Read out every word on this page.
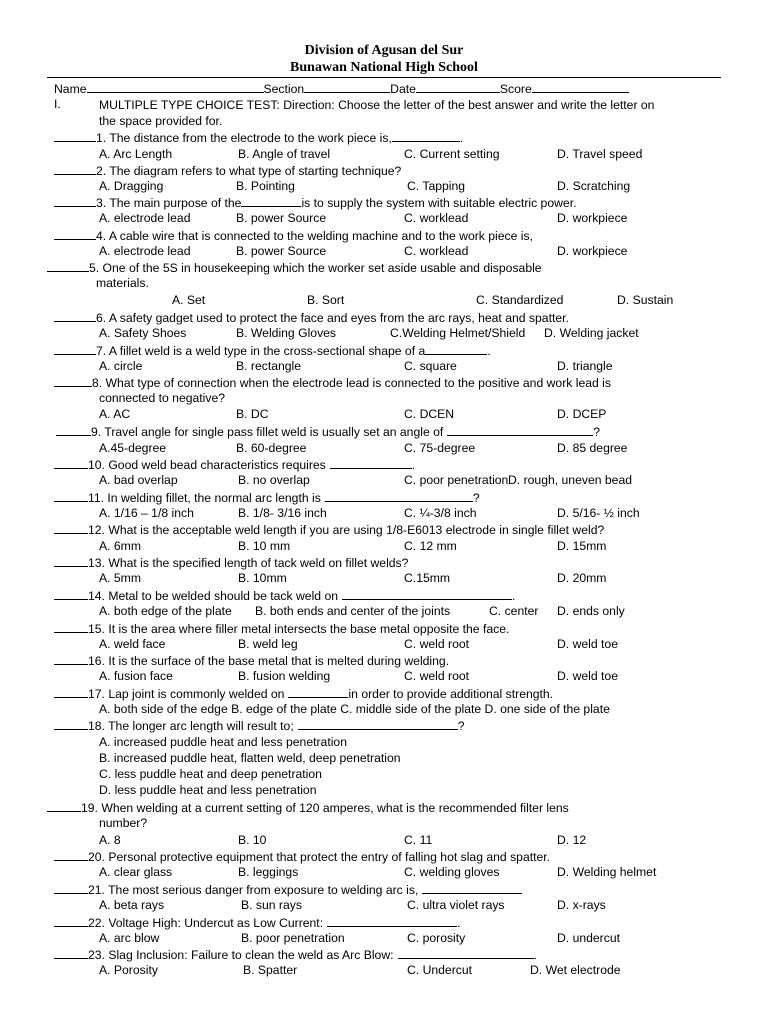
Division of Agusan del Sur
Bunawan National High School
Name	Section	Date	Score
I.	MULTIPLE TYPE CHOICE TEST: Direction: Choose the letter of the best answer and write the letter on
the space provided for.
1. The distance from the electrode to the work piece is,	.
A. Arc Length	B. Angle of travel	C. Current setting	D. Travel speed
2. The diagram refers to what type of starting technique?
A. Dragging	B. Pointing	C. Tapping	D. Scratching
3. The main purpose of the	is to supply the system with suitable electric power.
A. electrode lead	B. power Source	C. worklead	D. workpiece
4. A cable wire that is connected to the welding machine and to the work piece is,
A. electrode lead	B. power Source	C. worklead	D. workpiece
5. One of the 5S in housekeeping which the worker set aside usable and disposable
materials.
A. Set	B. Sort	C. Standardized	D. Sustain
6. A safety gadget used to protect the face and eyes from the arc rays, heat and spatter.
A. Safety Shoes	B. Welding Gloves	C.Welding Helmet/Shield D. Welding jacket
7. A fillet weld is a weld type in the cross-sectional shape of a	.
A. circle	B. rectangle	C. square	D. triangle
8. What type of connection when the electrode lead is connected to the positive and work lead is
connected to negative?
A. AC	B. DC	C. DCEN	D. DCEP
9. Travel angle for single pass fillet weld is usually set an angle of	?
A.45-degree	B. 60-degree	C. 75-degree	D. 85 degree
10. Good weld bead characteristics requires	.
A. bad overlap	B. no overlap	C. poor penetration D. rough, uneven bead
11. In welding fillet, the normal arc length is	?
A. 1/16 – 1/8 inch	B. 1/8- 3/16 inch	C. ¼-3/8 inch	D. 5/16- ½ inch
12. What is the acceptable weld length if you are using 1/8-E6013 electrode in single fillet weld?
A. 6mm	B. 10 mm	C. 12 mm	D. 15mm
13. What is the specified length of tack weld on fillet welds?
A. 5mm	B. 10mm	C.15mm	D. 20mm
14. Metal to be welded should be tack weld on	.
A. both edge of the plate B. both ends and center of the joints	C. center D. ends only
15. It is the area where filler metal intersects the base metal opposite the face.
A. weld face	B. weld leg	C. weld root	D. weld toe
16. It is the surface of the base metal that is melted during welding.
A. fusion face	B. fusion welding	C. weld root	D. weld toe
17. Lap joint is commonly welded on	in order to provide additional strength.
A. both side of the edge B. edge of the plate C. middle side of the plate D. one side of the plate
18. The longer arc length will result to;	?
A. increased puddle heat and less penetration
B. increased puddle heat, flatten weld, deep penetration
C. less puddle heat and deep penetration
D. less puddle heat and less penetration
19. When welding at a current setting of 120 amperes, what is the recommended filter lens
number?
A. 8	B. 10	C. 11	D. 12
20. Personal protective equipment that protect the entry of falling hot slag and spatter.
A. clear glass	B. leggings	C. welding gloves	D. Welding helmet
21. The most serious danger from exposure to welding arc is,
A. beta rays	B. sun rays	C. ultra violet rays	D. x-rays
22. Voltage High: Undercut as Low Current:	.
A. arc blow	B. poor penetration	C. porosity	D. undercut
23. Slag Inclusion: Failure to clean the weld as Arc Blow:	.
A. Porosity	B. Spatter	C. Undercut	D. Wet electrode
